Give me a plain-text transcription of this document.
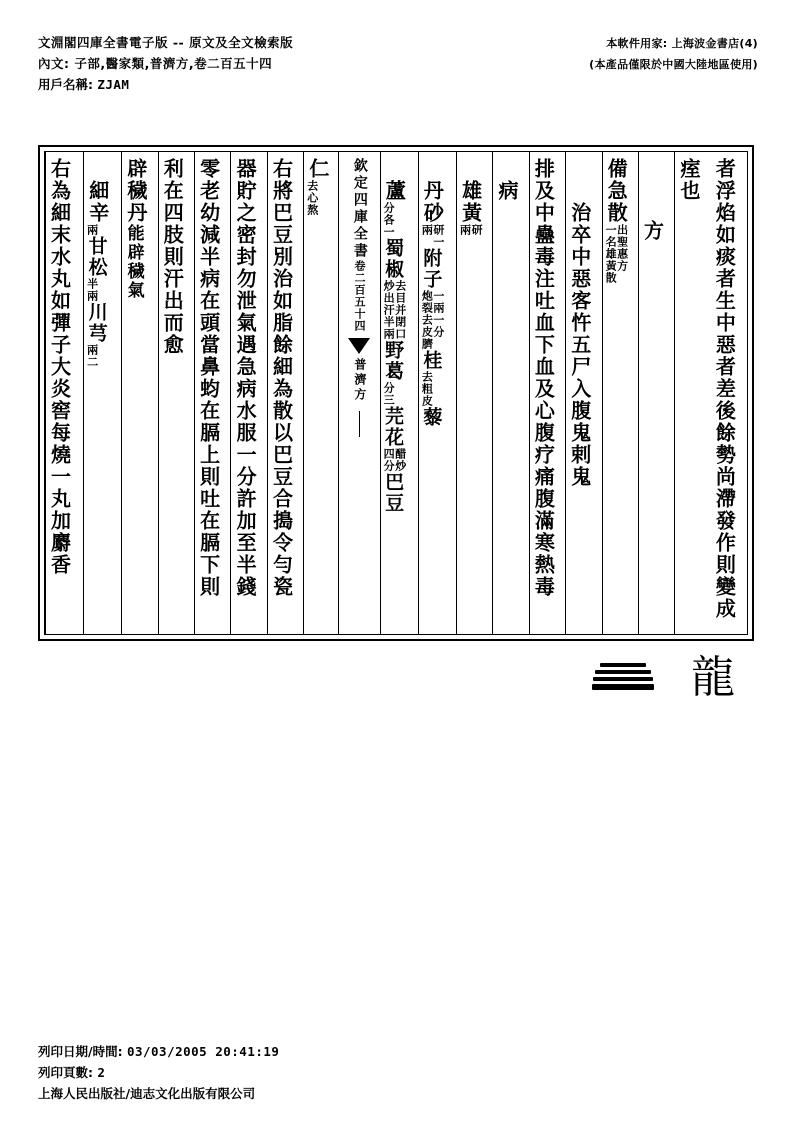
文淵閣四庫全書電子版 -- 原文及全文檢索版	本軟件用家: 上海波金書店(4)
內文: 子部,醫家類,普濟方,卷二百五十四	(本產品僅限於中國大陸地區使用)
用戶名稱: ZJAM
者浮焰如痰者生中惡者差後餘勢尚滯發作則變成
痓也
方
備急散
出聖惠方
一名雄黃散
治卒中惡客忤五尸入腹鬼剌鬼
排及中蠱毒注吐血下血及心腹疗痛腹滿寒熱毒
病
雄黃
研
兩
丹砂
研一
兩
附子
一兩一分
炮裂去皮臍
桂
去粗皮
藜
蘆
分各一
蜀椒
去目并閉口
炒出汗半兩
野葛
分三
芫花
醋炒
四分
巴豆
欽定四庫全書
卷二百五十四
普濟方
仁
去心熬
右將巴豆別治如脂餘細為散以巴豆合搗令勻瓷
器貯之密封勿泄氣遇急病水服一分許加至半錢
零老幼減半病在頭當鼻蚐在膈上則吐在膈下則
利在四肢則汗出而愈
辟穢丹
能辟穢氣
細辛
兩
甘松
半兩
川芎
兩二
右為細末水丸如彈子大炎窖每燒一丸加麝香
龍
列印日期/時間: 03/03/2005 20:41:19
列印頁數: 2
上海人民出版社/迪志文化出版有限公司
